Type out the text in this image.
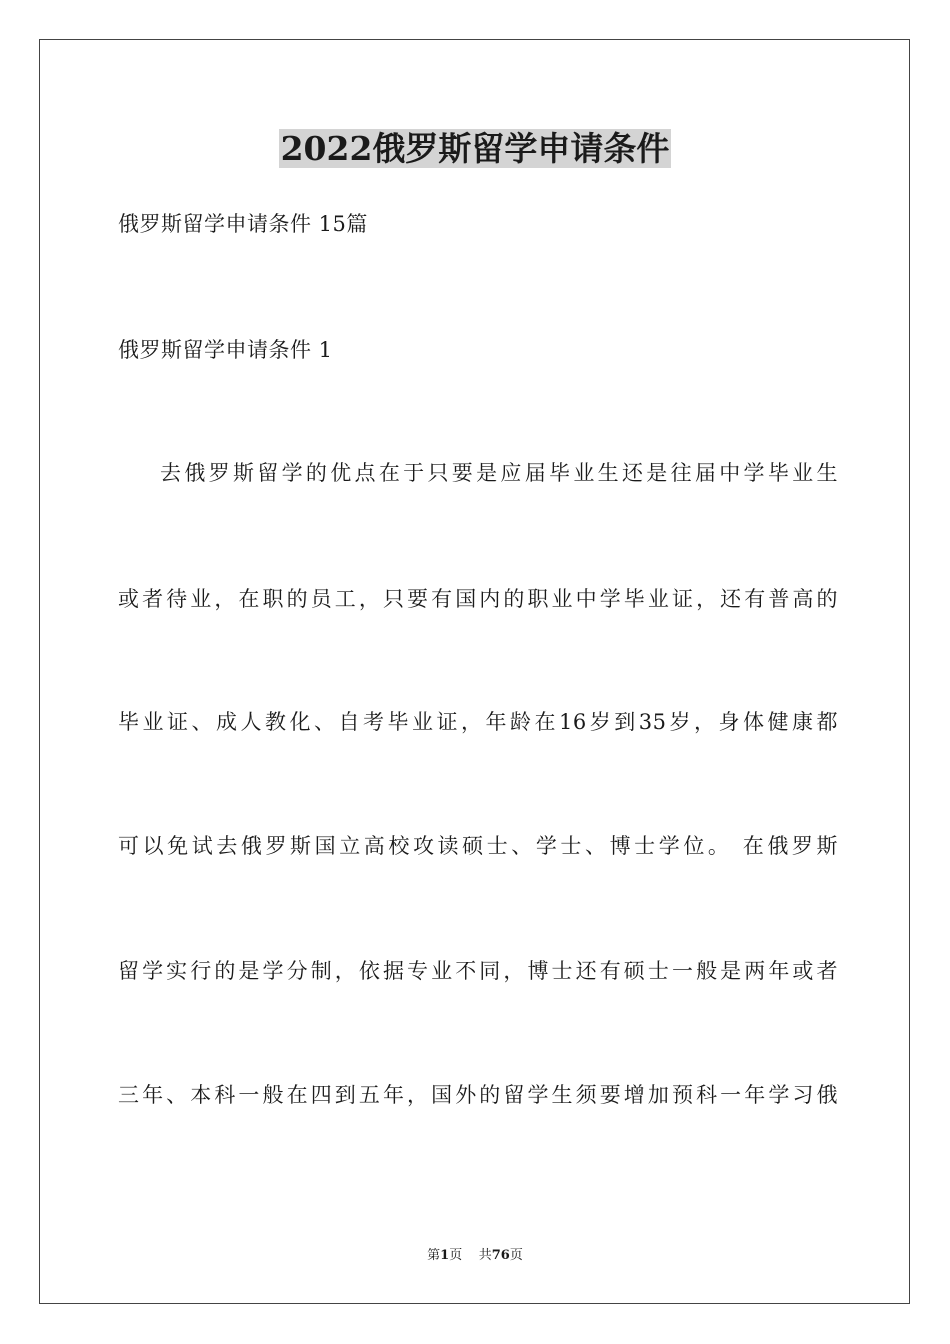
2022俄罗斯留学申请条件
俄罗斯留学申请条件 15篇
俄罗斯留学申请条件 1
去俄罗斯留学的优点在于只要是应届毕业生还是往届中学毕业生
或者待业，在职的员工，只要有国内的职业中学毕业证，还有普高的
毕业证、成人教化、自考毕业证，年龄在16岁到35岁，身体健康都
可以免试去俄罗斯国立高校攻读硕士、学士、博士学位。 在俄罗斯
留学实行的是学分制，依据专业不同，博士还有硕士一般是两年或者
三年、本科一般在四到五年，国外的留学生须要增加预科一年学习俄
第1页 共76页
